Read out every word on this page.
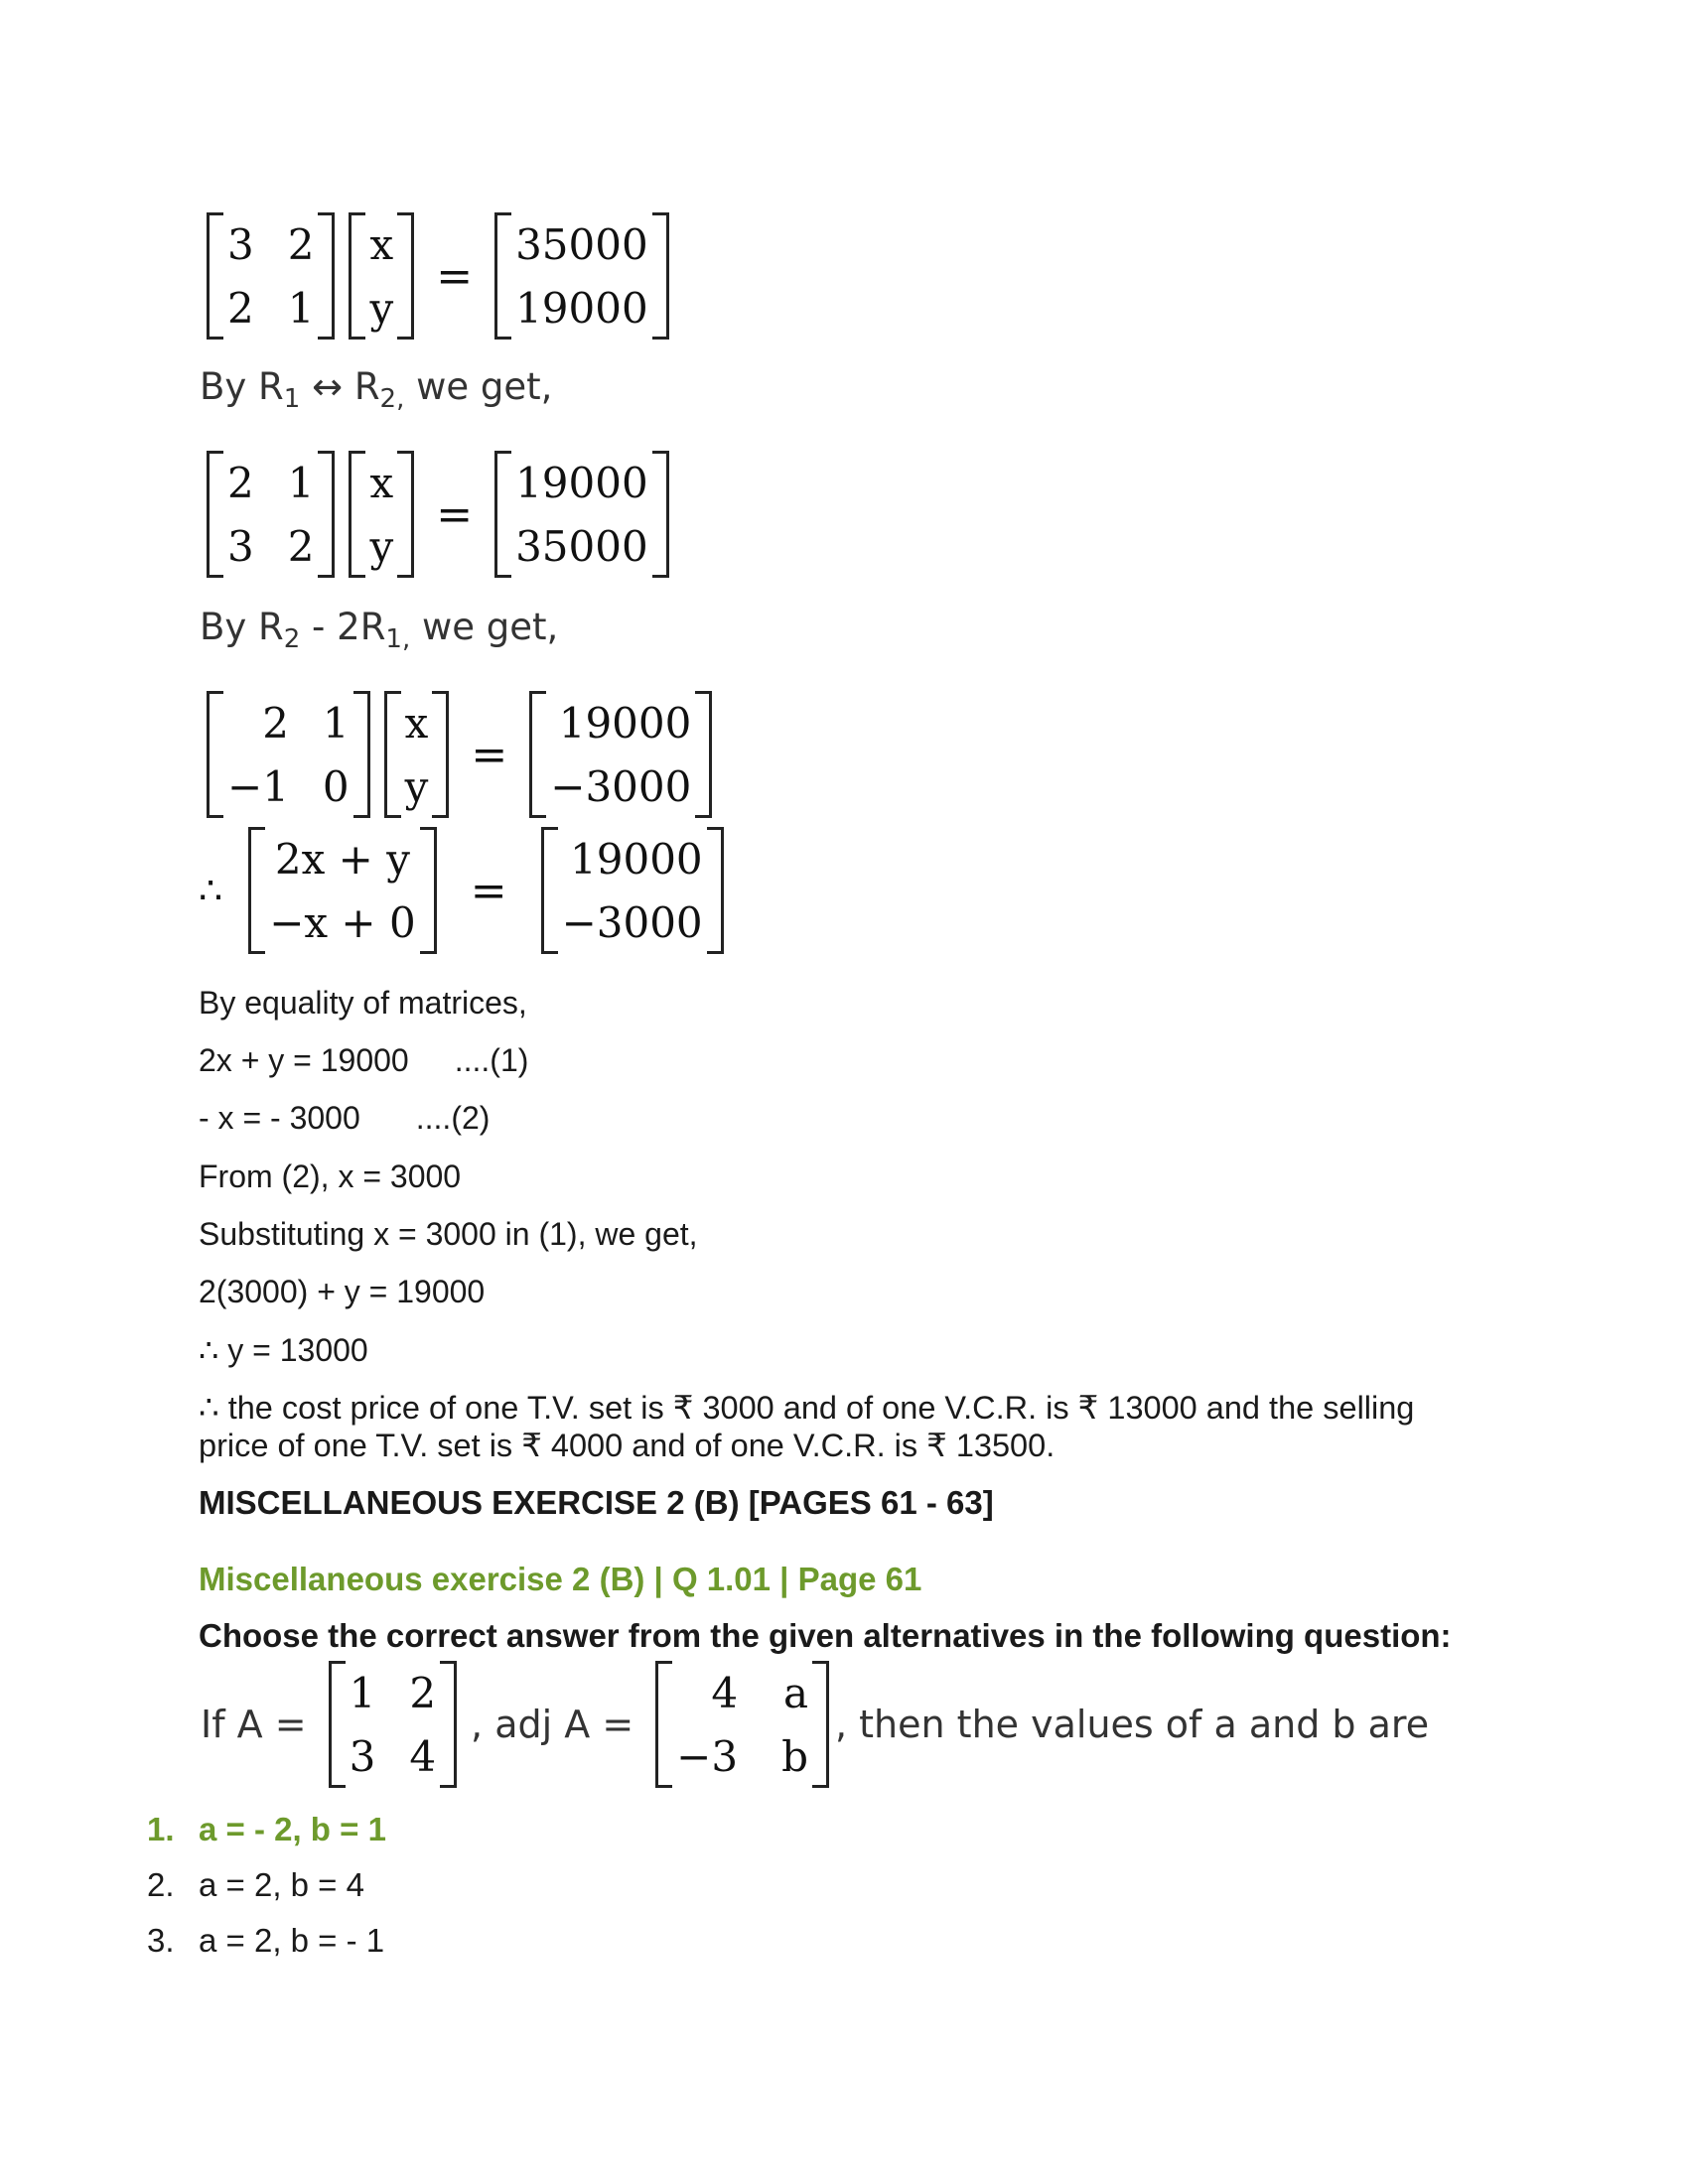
3 2
2 1
x
y
=
35000
19000
By $R_1$ ↔ $R_{2,}$ we get,
2 1
3 2
x
y
=
19000
35000
By $R_2 - 2R_{1,}$ we get,
2 1
−1 0
x
y
=
19000
−3000
∴
2x + y
−x + 0
=
19000
−3000
By equality of matrices,
2x + y = 19000 ....(1)
- x = - 3000 ....(2)
From (2), x = 3000
Substituting x = 3000 in (1), we get,
2(3000) + y = 19000
∴ y = 13000
∴ the cost price of one T.V. set is ₹ 3000 and of one V.C.R. is ₹ 13000 and the selling
price of one T.V. set is ₹ 4000 and of one V.C.R. is ₹ 13500.
MISCELLANEOUS EXERCISE 2 (B) [PAGES 61 - 63]
Miscellaneous exercise 2 (B) | Q 1.01 | Page 61
Choose the correct answer from the given alternatives in the following question:
If A =
1 2
3 4
, adj A =
4 a
−3 b
, then the values of a and b are
1. a = - 2, b = 1
2. a = 2, b = 4
3. a = 2, b = - 1
